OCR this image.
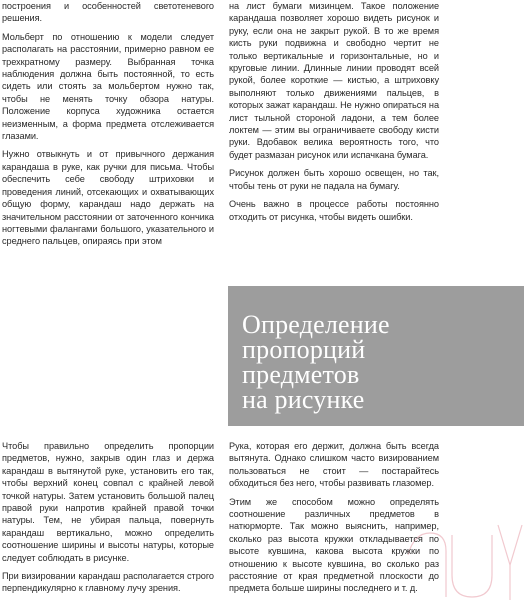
построения и особенностей светотеневого решения.

Мольберт по отношению к модели следует располагать на расстоянии, примерно равном ее трехкратному размеру. Выбранная точка наблюдения должна быть постоянной, то есть сидеть или стоять за мольбертом нужно так, чтобы не менять точку обзора натуры. Положение корпуса художника остается неизменным, а форма предмета отслеживается глазами.

Нужно отвыкнуть и от привычного держания карандаша в руке, как ручки для письма. Чтобы обеспечить себе свободу штриховки и проведения линий, отсекающих и охватывающих общую форму, карандаш надо держать на значительном расстоянии от заточенного кончика ногтевыми фалангами большого, указательного и среднего пальцев, опираясь при этом

на лист бумаги мизинцем. Такое положение карандаша позволяет хорошо видеть рисунок и руку, если она не закрыт рукой. В то же время кисть руки подвижна и свободно чертит не только вертикальные и горизонтальные, но и круговые линии. Длинные линии проводят всей рукой, более короткие — кистью, а штриховку выполняют только движениями пальцев, в которых зажат карандаш. Не нужно опираться на лист тыльной стороной ладони, а тем более локтем — этим вы ограничиваете свободу кисти руки. Вдобавок велика вероятность того, что будет размазан рисунок или испачкана бумага.

Рисунок должен быть хорошо освещен, но так, чтобы тень от руки не падала на бумагу.

Очень важно в процессе работы постоянно отходить от рисунка, чтобы видеть ошибки.

Определение
пропорций
предметов
на рисунке

Чтобы правильно определить пропорции предметов, нужно, закрыв один глаз и держа карандаш в вытянутой руке, установить его так, чтобы верхний конец совпал с крайней левой точкой натуры. Затем установить большой палец правой руки напротив крайней правой точки натуры. Тем, не убирая пальца, повернуть карандаш вертикально, можно определить соотношение ширины и высоты натуры, которые следует соблюдать в рисунке.

При визировании карандаш располагается строго перпендикулярно к главному лучу зрения.

Рука, которая его держит, должна быть всегда вытянута. Однако слишком часто визированием пользоваться не стоит — постарайтесь обходиться без него, чтобы развивать глазомер.

Этим же способом можно определять соотношение различных предметов в натюрморте. Так можно выяснить, например, сколько раз высота кружки откладывается по высоте кувшина, какова высота кружки по отношению к высоте кувшина, во сколько раз расстояние от края предметной плоскости до предмета больше ширины последнего и т. д.
